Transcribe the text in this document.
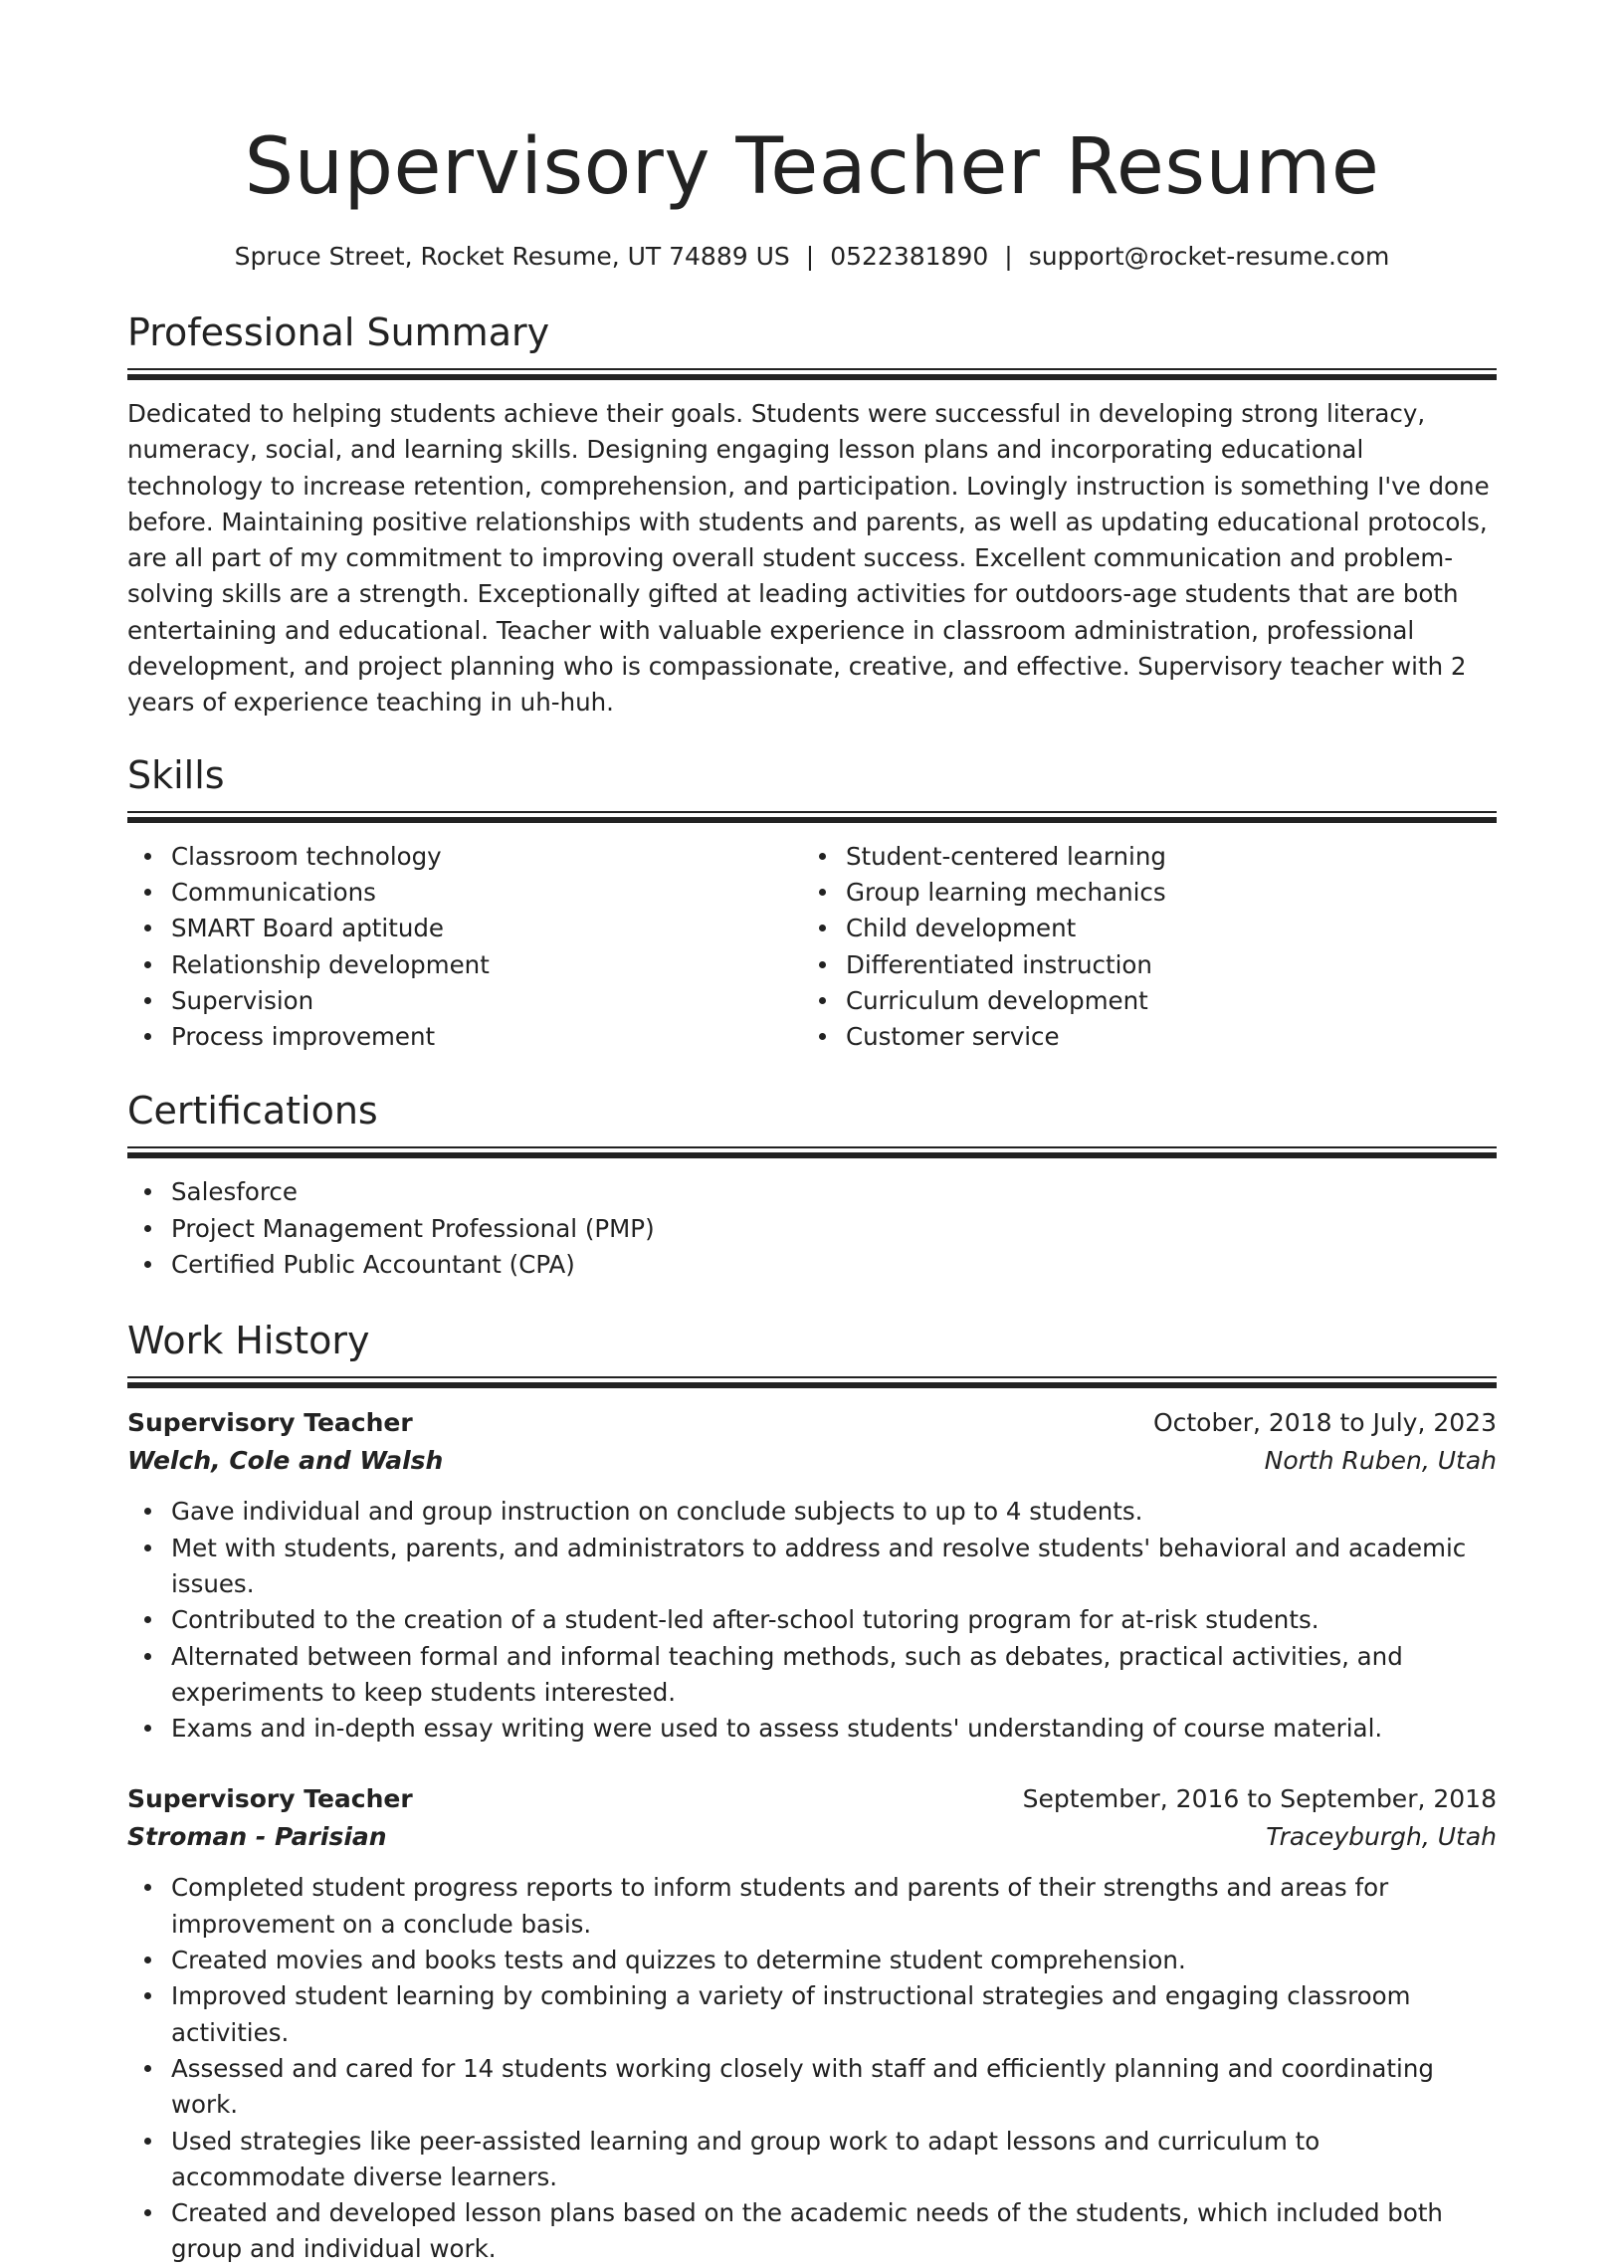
Supervisory Teacher Resume
Spruce Street, Rocket Resume, UT 74889 US | 0522381890 | support@rocket-resume.com
Professional Summary

Dedicated to helping students achieve their goals. Students were successful in developing strong literacy, numeracy, social, and learning skills. Designing engaging lesson plans and incorporating educational technology to increase retention, comprehension, and participation. Lovingly instruction is something I've done before. Maintaining positive relationships with students and parents, as well as updating educational protocols, are all part of my commitment to improving overall student success. Excellent communication and problem-solving skills are a strength. Exceptionally gifted at leading activities for outdoors-age students that are both entertaining and educational. Teacher with valuable experience in classroom administration, professional development, and project planning who is compassionate, creative, and effective. Supervisory teacher with 2 years of experience teaching in uh-huh.

Skills
Classroom technology
Communications
SMART Board aptitude
Relationship development
Supervision
Process improvement
Student-centered learning
Group learning mechanics
Child development
Differentiated instruction
Curriculum development
Customer service
Certifications
Salesforce
Project Management Professional (PMP)
Certified Public Accountant (CPA)
Work History
Supervisory Teacher	October, 2018 to July, 2023
Welch, Cole and Walsh	North Ruben, Utah
Gave individual and group instruction on conclude subjects to up to 4 students.
Met with students, parents, and administrators to address and resolve students' behavioral and academic issues.
Contributed to the creation of a student-led after-school tutoring program for at-risk students.
Alternated between formal and informal teaching methods, such as debates, practical activities, and experiments to keep students interested.
Exams and in-depth essay writing were used to assess students' understanding of course material.
Supervisory Teacher	September, 2016 to September, 2018
Stroman - Parisian	Traceyburgh, Utah
Completed student progress reports to inform students and parents of their strengths and areas for improvement on a conclude basis.
Created movies and books tests and quizzes to determine student comprehension.
Improved student learning by combining a variety of instructional strategies and engaging classroom activities.
Assessed and cared for 14 students working closely with staff and efficiently planning and coordinating work.
Used strategies like peer-assisted learning and group work to adapt lessons and curriculum to accommodate diverse learners.
Created and developed lesson plans based on the academic needs of the students, which included both group and individual work.
